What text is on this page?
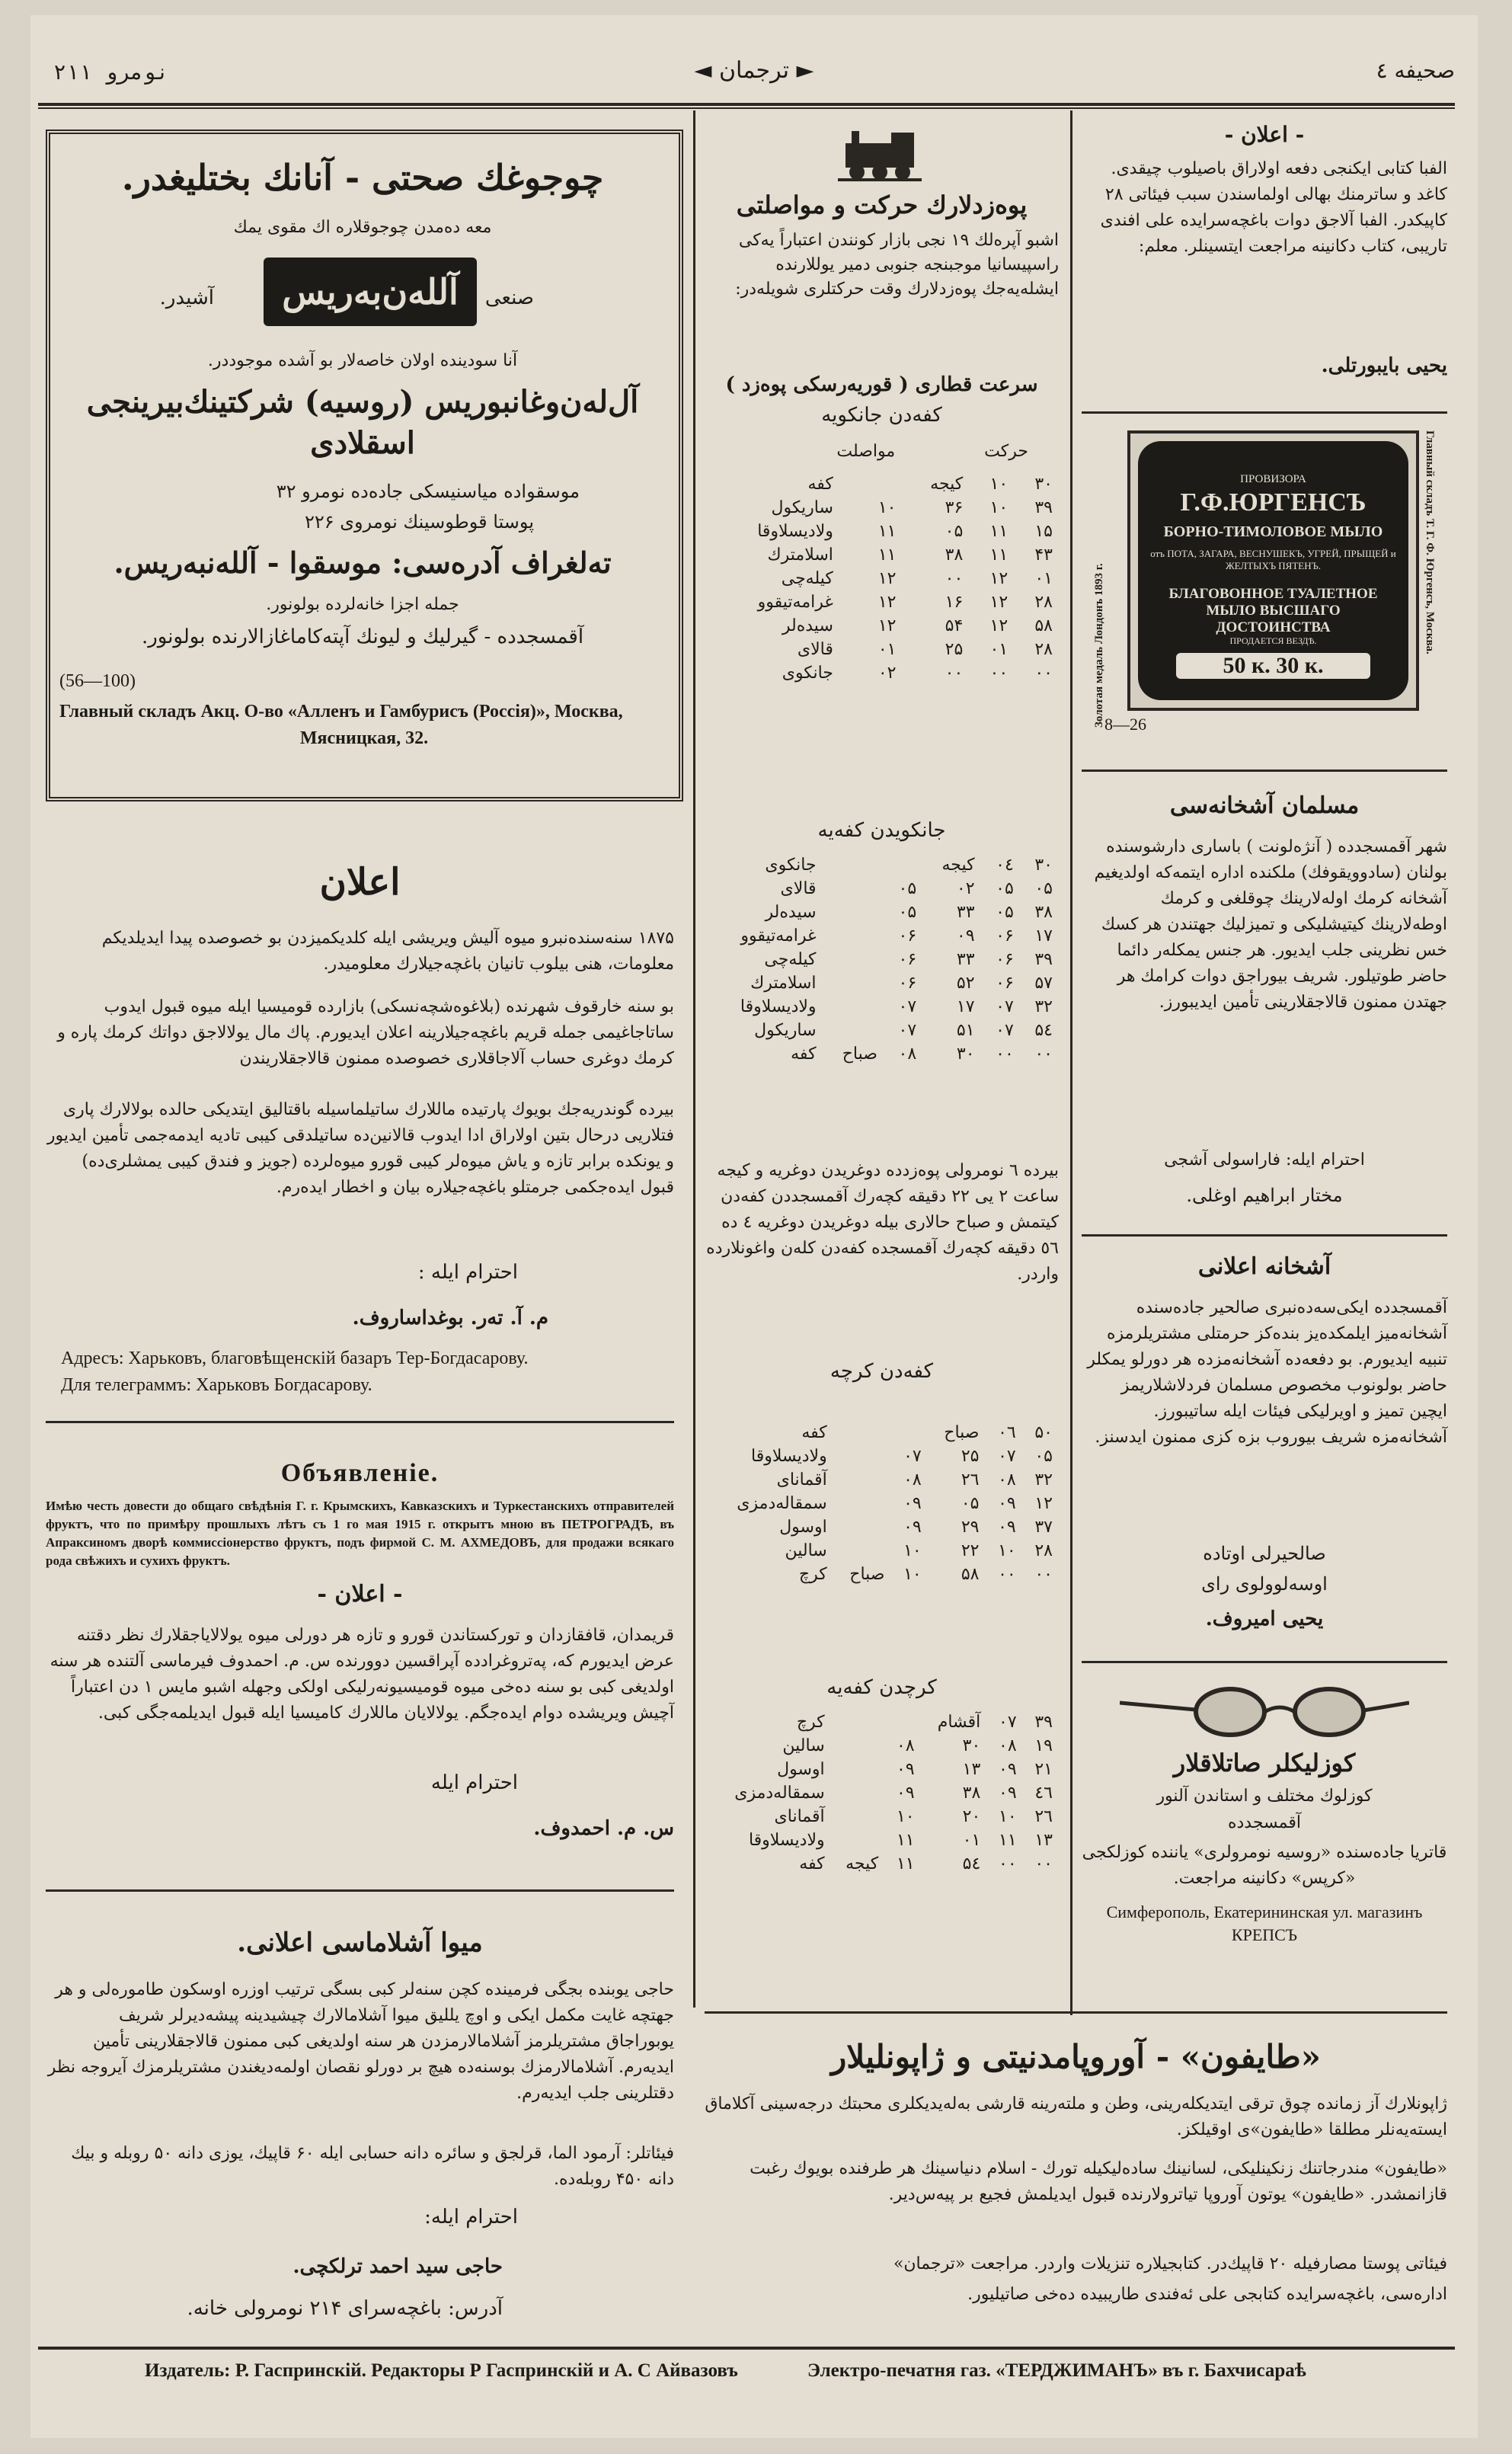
نومرو ۲۱۱	◄ ترجمان ►	صحیفه ٤
چوجوغك صحتی - آنانك بختلیغدر.
معه ‌ده‌مدن چوجوقلاره اك مقوی یمك
آشیدر.	آللەن‌بەریس	صنعی
آنا سودینده اولان خاصەلار بو آشده موجوددر.
آل‌لەن‌وغانبوریس (روسیه) شرکتینك‌بیرینجی اسقلادی
موسقواده میاسنیسکی جاده‌ده نومرو ۳۲
پوستا قوطوسینك نومروی ۲۲۶
تەلغراف آدرەسی: موسقوا - آللەنبەریس.
جمله اجزا خانه‌لرده بولونور.
آقمسجدده - گیرلیك و لیونك آپتەكا‌ماغازالارنده بولونور.
(56—100)
Главный складъ Акц. О-во «Алленъ и Гамбурисъ (Россія)», Москва,
Мясницкая, 32.
اعلان
۱۸۷۵ سنه‌سنده‌نبرو میوه آلیش ویریشی ایله کلدیکمیزدن بو خصوصده پیدا ایدیلدیکم معلومات، هنی بیلوب تانیان باغچه‌جیلارك معلومیدر.
بو سنه خارقوف شهرنده (بلاغوەشچەنسکی) بازارده قومیسیا ایله میوه قبول ایدوب ساتاجاغیمی جمله قریم باغچه‌جیلارینه اعلان ایدیورم. پاك مال یولالاجق دواتك کرمك پاره و کرمك دوغری حساب آلاجاقلاری خصوصده ممنون قالاجقلاریندن
بیرده گوندریه‌جك بویوك پارتیده ماللارك ساتیلماسیله باقتالیق ایتدیكی حالده بولالارك پاری فتلاریی درحال بتین اولاراق ادا ایدوب قالانین‌ده ساتیلدقی کیبی تادیه ایدمه‌جمی تأمین ایدیور و یونکده برابر تازه و یاش میوه‌لر کیبی قورو میوه‌لرده (جویز و فندق کیبی یمشلری‌ده) قبول ایده‌جکمی جرمتلو باغچه‌جیلاره بیان و اخطار ایدەرم.
احترام ایله :
م. آ. ته‌ر. بوغداساروف.
Адресъ: Харьковъ, благовѣщенскій базаръ Тер-Богдасарову.
Для телеграммъ: Харьковъ Богдасарову.
Объявленіе.
Имѣю честь довести до общаго свѣдѣнія Г. г. Крымскихъ, Кавказскихъ и Туркестанскихъ отправителей фруктъ, что по примѣру прошлыхъ лѣтъ съ 1 го мая 1915 г. открытъ мною въ ПЕТРОГРАДѢ, въ Апраксиномъ дворѣ коммиссіонерство фруктъ, подъ фирмой С. М. АХМЕДОВЪ, для продажи всякаго рода свѣжихъ и сухихъ фруктъ.
- اعلان -
قریمدان، قافقازدان و تورکستاندن قورو و تازه هر دورلی میوه یولالایاجقلارك نظر دقتنه عرض ایدیورم که، پەتروغرادده آپراقسین دوورنده س. م. احمدوف فیرماسی آلتنده هر سنه اولدیغی کبی بو سنه ده‌خی میوه قومیسیونه‌رلیکی اولکی وجهله اشبو مایس ۱ دن اعتباراً آچیش ویریشده دوام ایده‌جگم. یولالایان ماللارك کامیسیا ایله قبول ایدیلمه‌جگی کبی.
احترام ایله
س. م. احمدوف.
میوا آشلاماسی اعلانی.
حاجی یوبنده بجگی فرمینده کچن سنەلر کبی بسگی ترتیب اوزره اوسکون طاموره‌لی و هر جهتچه غایت مکمل ایکی و اوچ یللیق میوا آشلامالارك چیشیدینه پیشه‌دیرلر شریف یوبوراجاق مشتریلرمز آشلامالارمزدن هر سنه اولدیغی کبی ممنون قالاجقلارینی تأمین ایدیەرم. آشلامالارمزك بوسنه‌ده هیچ بر دورلو نقصان اولمه‌دیغندن مشتریلرمزك آیروجه نظر دقتلرینی جلب ایدیەرم.
فیئاتلر: آرمود الما، قرلجق و سائره دانه حسابی ایله ۶۰ قاپیك، یوزی دانه ۵۰ روبله و بیك دانه ۴۵۰ روبله‌ده.
احترام ایله:
حاجی سید احمد ترلکچی.
آدرس: باغچه‌سرای ۲۱۴ نومرولی خانه.
پوەزدلارك حرکت و مواصلتی
اشبو آپرەلك ۱۹ نجی بازار کونندن اعتباراً یەکی راسپیسانیا موجبنجه جنوبی دمیر یوللارنده ایشلەیەجك پوەزدلارك وقت حرکتلری شویله‌در:
سرعت قطاری ( قوریەرسکی پوەزد )
كفه‌دن جانکویه
حرکت مواصلت
۳۰	۱۰	کیجه			کفه
۳۹	۱۰	۳۶	۱۰		ساریکول
۱۵	۱۱	۰۵	۱۱		ولادیسلاوقا
۴۳	۱۱	۳۸	۱۱		اسلامترك
۰۱	۱۲	۰۰	۱۲		کیله‌چی
۲۸	۱۲	۱۶	۱۲		غرامه‌تیقوو
۵۸	۱۲	۵۴	۱۲		سیدەلر
۲۸	۰۱	۲۵	۰۱		قالای
۰۰	۰۰	۰۰	۰۲		جانکوی
جانکویدن کفه‌یه
۳۰	۰٤	کیجه			جانکوی
۰۵	۰۵	۰۲	۰۵		قالای
۳۸	۰۵	۳۳	۰۵		سیدەلر
۱۷	۰۶	۰۹	۰۶		غرامه‌تیقوو
۳۹	۰۶	۳۳	۰۶		کیله‌چی
۵۷	۰۶	۵۲	۰۶		اسلامترك
۳۲	۰۷	۱۷	۰۷		ولادیسلاوقا
۵٤	۰۷	۵۱	۰۷		ساریکول
۰۰	۰۰	۳۰	۰۸	صباح	کفه
بیرده ٦ نومرولی پوەزدده دوغریدن دوغریه‌ و کیجه ساعت ۲ یی ۲۲ دقیقه کچه‌رك آقمسجددن کفه‌دن کیتمش و صباح حالاری بیله دوغریدن دوغریه ٤ ده ٥٦ دقیقه کچه‌رك آقمسجده کفه‌دن کلەن واغونلارده واردر.
كفه‌دن کرچه
۵۰	۰٦	صباح			کفه
۰۵	۰۷	۲۵	۰۷		ولادیسلاوقا
۳۲	۰۸	۲٦	۰۸		آقمانای
۱۲	۰۹	۰۵	۰۹		سمقاله‌دمزی
۳۷	۰۹	۲۹	۰۹		اوسول
۲۸	۱۰	۲۲	۱۰		سالین
۰۰	۰۰	۵۸	۱۰	صباح	کرچ
کرچدن کفه‌یه
۳۹	۰۷	آقشام			کرچ
۱۹	۰۸	۳۰	۰۸		سالین
۲۱	۰۹	۱۳	۰۹		اوسول
٤٦	۰۹	۳۸	۰۹		سمقاله‌دمزی
۲٦	۱۰	۲۰	۱۰		آقمانای
۱۳	۱۱	۰۱	۱۱		ولادیسلاوقا
۰۰	۰۰	۵٤	۱۱	کیجه	کفه
- اعلان -
الفبا کتابی ایکنجی دفعه اولاراق باصیلوب چیقدی. کاغد و ساترمنك بهالی اولماسندن سبب فیئاتی ۲۸ کاپیکدر. الفبا آلاجق دوات باغچه‌سرایده علی افندی تاریبی، کتاب دکانینه مراجعت ایتسینلر. معلم:
یحیی بایبورتلی.
Золотая медаль Лондонъ 1893 г.
ОСТЕРЕГАТЬСЯ ПОДДЪЛОКЪ
ПРОВИЗОРА
Г.Ф.ЮРГЕНСЪ
БОРНО-ТИМОЛОВОЕ МЫЛО
отъ ПОТА, ЗАГАРА, ВЕСНУШЕКЪ, УГРЕЙ, ПРЫЩЕЙ и ЖЕЛТЫХЪ ПЯТЕНЪ.
БЛАГОВОННОЕ ТУАЛЕТНОЕ МЫЛО ВЫСШАГО ДОСТОИНСТВА
ПРОДАЕТСЯ ВЕЗДѢ.
50 к. 30 к.
Главный складъ Т. Г. Ф. Юргенсъ, Москва.
8—26
مسلمان آشخانەسی
شهر آقمسجدده ( آنژه‌لونت ) باساری دارشوسنده بولنان (سادوویقوفك) ملکنده اداره ایتمه‌که اولدیغیم آشخانه‌ کرمك اولەلارینك چوقلغی و کرمك اوطه‌لارینك کیتیشلیکی و تمیزلیك جهتندن هر کسك خس نظرینی جلب ایدیور. هر جنس یمکلەر دائما حاضر طوتیلور. شریف بیوراجق دوات کرامك هر جهتدن ممنون قالاجقلارینی تأمین ایدیبورز.
احترام ایله: فاراسولی آشجی
مختار ابراهیم اوغلی.
آشخانه اعلانی
آقمسجدده ایکی‌سه‌ده‌نبری صالحیر جاده‌سنده آشخانه‌میز ایلمکده‌یز بنده‌کز حرمتلی مشتریلرمزه تنبیه ایدیورم. بو دفعه‌ده آشخانه‌مزده هر دورلو یمکلر حاضر بولونوب مخصوص مسلمان فردلاشلاریمز ایچین تمیز و اویرلیکی فیئات ایله ساتیبورز. آشخانه‌مزه شریف بیوروب بزه‌ کزی ممنون ایدسنز.
صالحیرلی اوتاده
اوسه‌لوولوی رای
یحیی امیروف.
کوزلیکلر صاتلاقلار
کوزلوك مختلف و استاندن آلنور
آقمسجدده
قاتریا جاده‌سنده «روسیه نومرولری» یاننده کوزلکجی «کرپس» دکانینه مراجعت.
Симферополь, Екатерининская ул. магазинъ КРЕПСЪ
«طایفون» - آوروپامدنیتی و ژاپونلیلار
ژاپونلارك آز زمانده چوق ترقی ایتدیکلەرینی، وطن و ملتەرینه قارشی بەلەیدیکلری محبتك درجه‌سینی آکلاماق ایسته‌یه‌نلر مطلقا «طایفون»ی اوقیلكز.
«طایفون» مندرجاتنك زنکینلیکی، لسانینك سادەلیکیله تورك - اسلام دنیاسینك هر طرفنده بویوك رغبت قازانمشدر. «طایفون» یوتون آوروپا تیاترولارنده قبول ایدیلمش فجیع بر پیەس‌دیر.
فیئاتی پوستا مصارفیله ۲۰ قاپیك‌در. کتابجیلاره تنزیلات واردر. مراجعت «ترجمان»
اداره‌سی، باغچه‌سرایده کتابجی علی ئه‌فندی طاریبیده ده‌خی صاتیلیور.
Издатель: Р. Гаспринскій. Редакторы Р Гаспринскій и А. С Айвазовъ	Электро-печатня газ. «ТЕРДЖИМАНЪ» въ г. Бахчисараѣ
